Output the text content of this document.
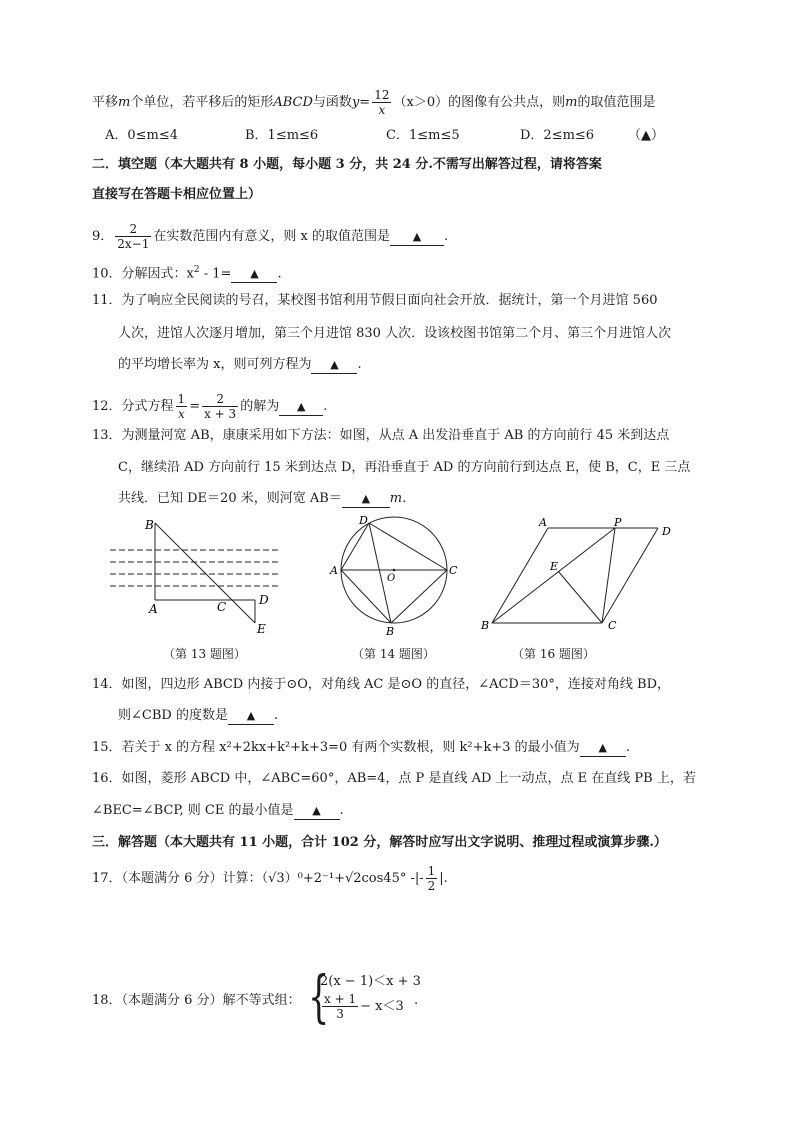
平移m个单位，若平移后的矩形ABCD与函数$y= \frac{12}{x} (x>0)$的图像有公共点，则m的取值范围是
A．0≤m≤4	B．1≤m≤6	C．1≤m≤5	D．2≤m≤6	（▲）
二．填空题（本大题共有 8 小题，每小题 3 分，共 24 分.不需写出解答过程，请将答案
直接写在答题卡相应位置上）
9． $\frac{2}{2x-1}$ 在实数范围内有意义，则 x 的取值范围是 ▲ .
10．分解因式：$x^2 - 1=$ ▲ .
11．为了响应全民阅读的号召，某校图书馆利用节假日面向社会开放．据统计，第一个月进馆 560
人次，进馆人次逐月增加，第三个月进馆 830 人次．设该校图书馆第二个月、第三个月进馆人次
的平均增长率为 x，则可列方程为 ▲ .
12．分式方程 $\frac{1}{x} = \frac{2}{x + 3}$ 的解为 ▲ .
13．为测量河宽 AB，康康采用如下方法：如图，从点 A 出发沿垂直于 AB 的方向前行 45 米到达点
C，继续沿 AD 方向前行 15 米到达点 D，再沿垂直于 AD 的方向前行到达点 E，使 B，C，E 三点
共线．已知 DE＝20 米，则河宽 AB＝ ▲ m．
B
A	C	D
E
D
A
O
C
B
A	P
D
E
B	C
（第 13 题图）	（第 14 题图）	（第 16 题图）
14．如图，四边形 ABCD 内接于⊙O，对角线 AC 是⊙O 的直径，∠ACD＝30°，连接对角线 BD，
则∠CBD 的度数是 ▲ .
15．若关于 x 的方程 x²+2kx+k²+k+3=0 有两个实数根，则 k²+k+3 的最小值为 ▲ .
16．如图，菱形 ABCD 中，∠ABC=60°，AB=4，点 P 是直线 AD 上一动点，点 E 在直线 PB 上，若
∠BEC=∠BCP, 则 CE 的最小值是 ▲ .
三．解答题（本大题共有 11 小题，合计 102 分，解答时应写出文字说明、推理过程或演算步骤.）
17．（本题满分 6 分）计算：（√3）⁰+2⁻¹+√2cos45° -|- $\frac{1}{2}$ |.
18．（本题满分 6 分）解不等式组： {
2(x − 1)＜x + 3
$\frac{x + 1}{3} - x<3$ .
